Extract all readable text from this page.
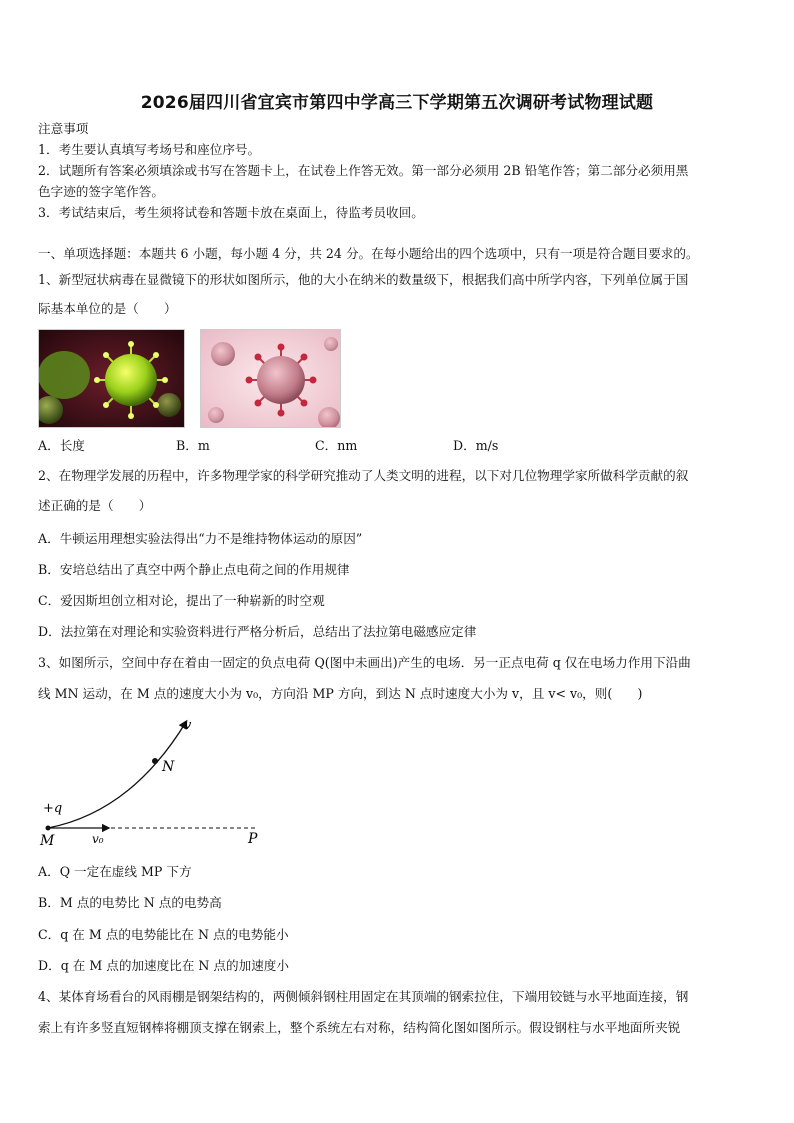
2026届四川省宜宾市第四中学高三下学期第五次调研考试物理试题
注意事项
1．考生要认真填写考场号和座位序号。
2．试题所有答案必须填涂或书写在答题卡上，在试卷上作答无效。第一部分必须用 2B 铅笔作答；第二部分必须用黑
色字迹的签字笔作答。
3．考试结束后，考生须将试卷和答题卡放在桌面上，待监考员收回。
一、单项选择题：本题共 6 小题，每小题 4 分，共 24 分。在每小题给出的四个选项中，只有一项是符合题目要求的。
1、新型冠状病毒在显微镜下的形状如图所示，他的大小在纳米的数量级下，根据我们高中所学内容，下列单位属于国
际基本单位的是（　　）
A．长度	B．m	C．nm	D．m/s
2、在物理学发展的历程中，许多物理学家的科学研究推动了人类文明的进程，以下对几位物理学家所做科学贡献的叙
述正确的是（　　）
A．牛顿运用理想实验法得出“力不是维持物体运动的原因”
B．安培总结出了真空中两个静止点电荷之间的作用规律
C．爱因斯坦创立相对论，提出了一种崭新的时空观
D．法拉第在对理论和实验资料进行严格分析后，总结出了法拉第电磁感应定律
3、如图所示，空间中存在着由一固定的负点电荷 Q(图中未画出)产生的电场．另一正点电荷 q 仅在电场力作用下沿曲
线 MN 运动，在 M 点的速度大小为 v₀，方向沿 MP 方向，到达 N 点时速度大小为 v，且 v< v₀，则(　　)
v
N
+q
M	v₀	P
A．Q 一定在虚线 MP 下方
B．M 点的电势比 N 点的电势高
C．q 在 M 点的电势能比在 N 点的电势能小
D．q 在 M 点的加速度比在 N 点的加速度小
4、某体育场看台的风雨棚是钢架结构的，两侧倾斜钢柱用固定在其顶端的钢索拉住，下端用铰链与水平地面连接，钢
索上有许多竖直短钢棒将棚顶支撑在钢索上，整个系统左右对称，结构简化图如图所示。假设钢柱与水平地面所夹锐
